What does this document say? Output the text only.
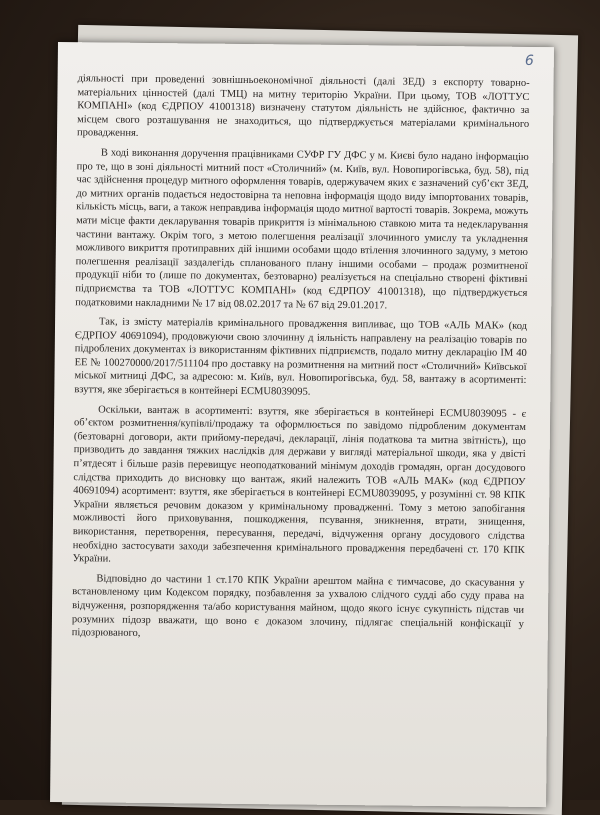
6

діяльності при проведенні зовнішньоекономічної діяльності (далі ЗЕД) з експорту товарно-матеріальних цінностей (далі ТМЦ) на митну територію України. При цьому, ТОВ «ЛОТТУС КОМПАНІ» (код ЄДРПОУ 41001318) визначену статутом діяльність не здійснює, фактично за місцем свого розташування не знаходиться, що підтверджується матеріалами кримінального провадження.

В ході виконання доручення працівниками СУФР ГУ ДФС у м. Києві було надано інформацію про те, що в зоні діяльності митний пост «Столичний» (м. Київ, вул. Новопирогівська, буд. 58), під час здійснення процедур митного оформлення товарів, одержувачем яких є зазначений суб’єкт ЗЕД, до митних органів подається недостовірна та неповна інформація щодо виду імпортованих товарів, кількість місць, ваги, а також неправдива інформація щодо митної вартості товарів. Зокрема, можуть мати місце факти декларування товарів прикриття із мінімальною ставкою мита та недекларування частини вантажу. Окрім того, з метою полегшення реалізації злочинного умислу та укладнення можливого викриття протиправних дій іншими особами щодо втілення злочинного задуму, з метою полегшення реалізації заздалегідь спланованого плану іншими особами – продаж розмитненої продукції ніби то (лише по документах, безтоварно) реалізується на спеціально створені фіктивні підприємства та ТОВ «ЛОТТУС КОМПАНІ» (код ЄДРПОУ 41001318), що підтверджується податковими накладними № 17 від 08.02.2017 та № 67 від 29.01.2017.

Так, із змісту матеріалів кримінального провадження випливає, що ТОВ «АЛЬ МАК» (код ЄДРПОУ 40691094), продовжуючи свою злочинну д іяльність направлену на реалізацію товарів по підроблених документах із використанням фіктивних підприємств, подало митну декларацію ІМ 40 ЕЕ № 100270000/2017/511104 про доставку на розмитнення на митний пост «Столичний» Київської міської митниці ДФС, за адресою: м. Київ, вул. Новопирогівська, буд. 58, вантажу в асортименті: взуття, яке зберігається в контейнері ECMU8039095.

Оскільки, вантаж в асортименті: взуття, яке зберігається в контейнері ECMU8039095 - є об’єктом розмитнення/купівлі/продажу та оформлюється по завідомо підробленим документам (безтоварні договори, акти прийому-передачі, декларації, лінія податкова та митна звітність), що призводить до завдання тяжких наслідків для держави у вигляді матеріальної шкоди, яка у двісті п’ятдесят і більше разів перевищує неоподаткований мінімум доходів громадян, орган досудового слідства приходить до висновку що вантаж, який належить ТОВ «АЛЬ МАК» (код ЄДРПОУ 40691094) асортимент: взуття, яке зберігається в контейнері ECMU8039095, у розумінні ст. 98 КПК України являється речовим доказом у кримінальному провадженні. Тому з метою запобігання можливості його приховування, пошкодження, псування, зникнення, втрати, знищення, використання, перетворення, пересування, передачі, відчуження органу досудового слідства необхідно застосувати заходи забезпечення кримінального провадження передбачені ст. 170 КПК України.

Відповідно до частини 1 ст.170 КПК України арештом майна є тимчасове, до скасування у встановленому цим Кодексом порядку, позбавлення за ухвалою слідчого судді або суду права на відчуження, розпорядження та/або користування майном, щодо якого існує сукупність підстав чи розумних підозр вважати, що воно є доказом злочину, підлягає спеціальній конфіскації у підозрюваного,
